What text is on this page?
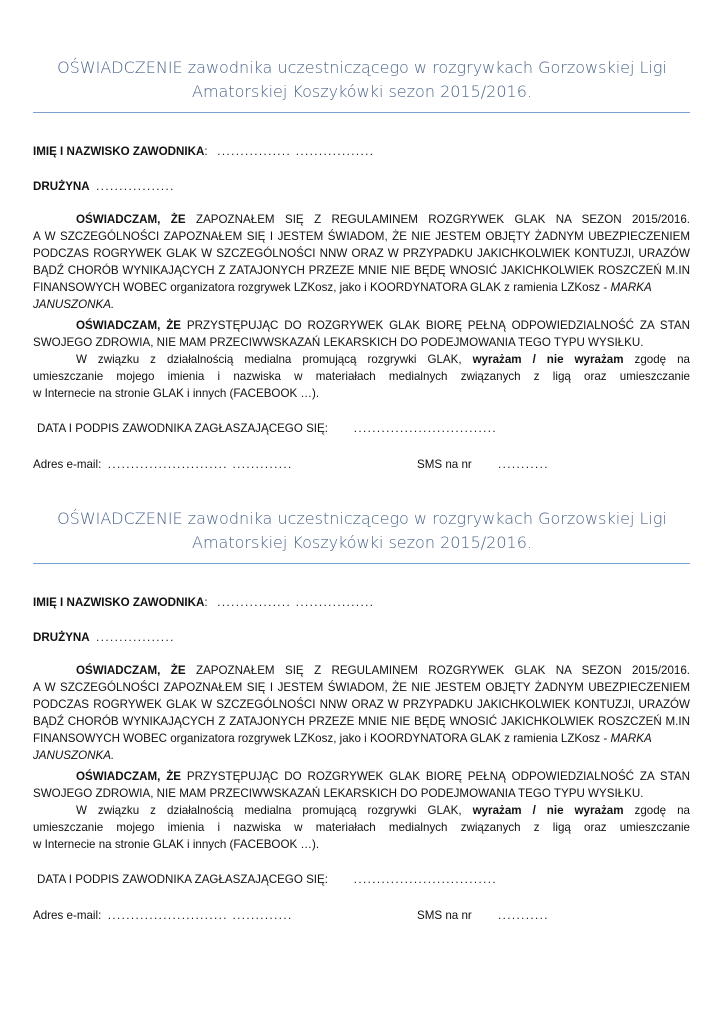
OŚWIADCZENIE zawodnika uczestniczącego w rozgrywkach Gorzowskiej Ligi
Amatorskiej Koszykówki sezon 2015/2016.
IMIĘ I NAZWISKO ZAWODNIKA: ................ .................
DRUŻYNA .................
OŚWIADCZAM, ŻE ZAPOZNAŁEM SIĘ Z REGULAMINEM ROZGRYWEK GLAK NA SEZON 2015/2016.
A W SZCZEGÓLNOŚCI ZAPOZNAŁEM SIĘ I JESTEM ŚWIADOM, ŻE NIE JESTEM OBJĘTY ŻADNYM UBEZPIECZENIEM
PODCZAS ROGRYWEK GLAK W SZCZEGÓLNOŚCI NNW ORAZ W PRZYPADKU JAKICHKOLWIEK KONTUZJI, URAZÓW
BĄDŹ CHORÓB WYNIKAJĄCYCH Z ZATAJONYCH PRZEZE MNIE NIE BĘDĘ WNOSIĆ JAKICHKOLWIEK ROSZCZEŃ M.IN
FINANSOWYCH WOBEC organizatora rozgrywek LZKosz, jako i KOORDYNATORA GLAK z ramienia LZKosz - MARKA
JANUSZONKA.
OŚWIADCZAM, ŻE PRZYSTĘPUJĄC DO ROZGRYWEK GLAK BIORĘ PEŁNĄ ODPOWIEDZIALNOŚĆ ZA STAN
SWOJEGO ZDROWIA, NIE MAM PRZECIWWSKAZAŃ LEKARSKICH DO PODEJMOWANIA TEGO TYPU WYSIŁKU.
W związku z działalnością medialna promującą rozgrywki GLAK, wyrażam / nie wyrażam zgodę na
umieszczanie mojego imienia i nazwiska w materiałach medialnych związanych z ligą oraz umieszczanie
w Internecie na stronie GLAK i innych (FACEBOOK …).
DATA I PODPIS ZAWODNIKA ZAGŁASZAJĄCEGO SIĘ: ...............................
Adres e-mail: .......................... .............	SMS na nr ...........
OŚWIADCZENIE zawodnika uczestniczącego w rozgrywkach Gorzowskiej Ligi
Amatorskiej Koszykówki sezon 2015/2016.
IMIĘ I NAZWISKO ZAWODNIKA: ................ .................
DRUŻYNA .................
OŚWIADCZAM, ŻE ZAPOZNAŁEM SIĘ Z REGULAMINEM ROZGRYWEK GLAK NA SEZON 2015/2016.
A W SZCZEGÓLNOŚCI ZAPOZNAŁEM SIĘ I JESTEM ŚWIADOM, ŻE NIE JESTEM OBJĘTY ŻADNYM UBEZPIECZENIEM
PODCZAS ROGRYWEK GLAK W SZCZEGÓLNOŚCI NNW ORAZ W PRZYPADKU JAKICHKOLWIEK KONTUZJI, URAZÓW
BĄDŹ CHORÓB WYNIKAJĄCYCH Z ZATAJONYCH PRZEZE MNIE NIE BĘDĘ WNOSIĆ JAKICHKOLWIEK ROSZCZEŃ M.IN
FINANSOWYCH WOBEC organizatora rozgrywek LZKosz, jako i KOORDYNATORA GLAK z ramienia LZKosz - MARKA
JANUSZONKA.
OŚWIADCZAM, ŻE PRZYSTĘPUJĄC DO ROZGRYWEK GLAK BIORĘ PEŁNĄ ODPOWIEDZIALNOŚĆ ZA STAN
SWOJEGO ZDROWIA, NIE MAM PRZECIWWSKAZAŃ LEKARSKICH DO PODEJMOWANIA TEGO TYPU WYSIŁKU.
W związku z działalnością medialna promującą rozgrywki GLAK, wyrażam / nie wyrażam zgodę na
umieszczanie mojego imienia i nazwiska w materiałach medialnych związanych z ligą oraz umieszczanie
w Internecie na stronie GLAK i innych (FACEBOOK …).
DATA I PODPIS ZAWODNIKA ZAGŁASZAJĄCEGO SIĘ: ...............................
Adres e-mail: .......................... .............	SMS na nr ...........
